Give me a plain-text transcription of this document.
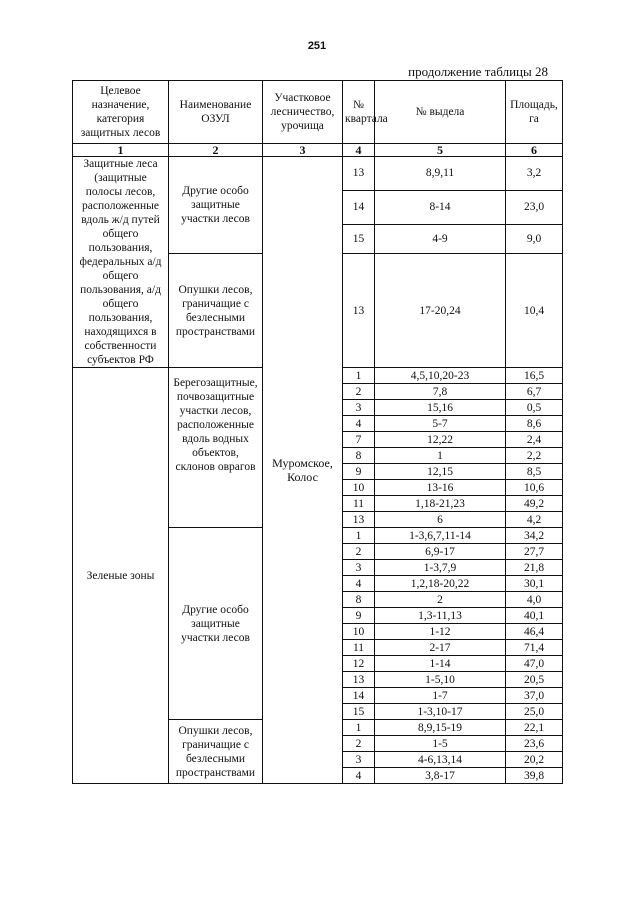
251
продолжение таблицы 28
Целевое назначение, категория защитных лесов	Наименование ОЗУЛ	Участковое лесничество, урочища	№ квартала	№ выдела	Площадь, га
1	2	3	4	5	6
Защитные леса (защитные полосы лесов, расположенные вдоль ж/д путей общего пользования, федеральных а/д общего пользования, а/д общего пользования, находящихся в собственности субъектов РФ	Другие особо защитные участки лесов	Муромское, Колос	13	8,9,11	3,2
			14	8-14	23,0
			15	4-9	9,0
	Опушки лесов, граничащие с безлесными пространствами		13	17-20,24	10,4
Зеленые зоны	Берегозащитные, почвозащитные участки лесов, расположенные вдоль водных объектов, склонов оврагов		1	4,5,10,20-23	16,5
			2	7,8	6,7
			3	15,16	0,5
			4	5-7	8,6
			7	12,22	2,4
			8	1	2,2
			9	12,15	8,5
			10	13-16	10,6
			11	1,18-21,23	49,2
			13	6	4,2
	Другие особо защитные участки лесов		1	1-3,6,7,11-14	34,2
			2	6,9-17	27,7
			3	1-3,7,9	21,8
			4	1,2,18-20,22	30,1
			8	2	4,0
			9	1,3-11,13	40,1
			10	1-12	46,4
			11	2-17	71,4
			12	1-14	47,0
			13	1-5,10	20,5
			14	1-7	37,0
			15	1-3,10-17	25,0
	Опушки лесов, граничащие с безлесными пространствами		1	8,9,15-19	22,1
			2	1-5	23,6
			3	4-6,13,14	20,2
			4	3,8-17	39,8
